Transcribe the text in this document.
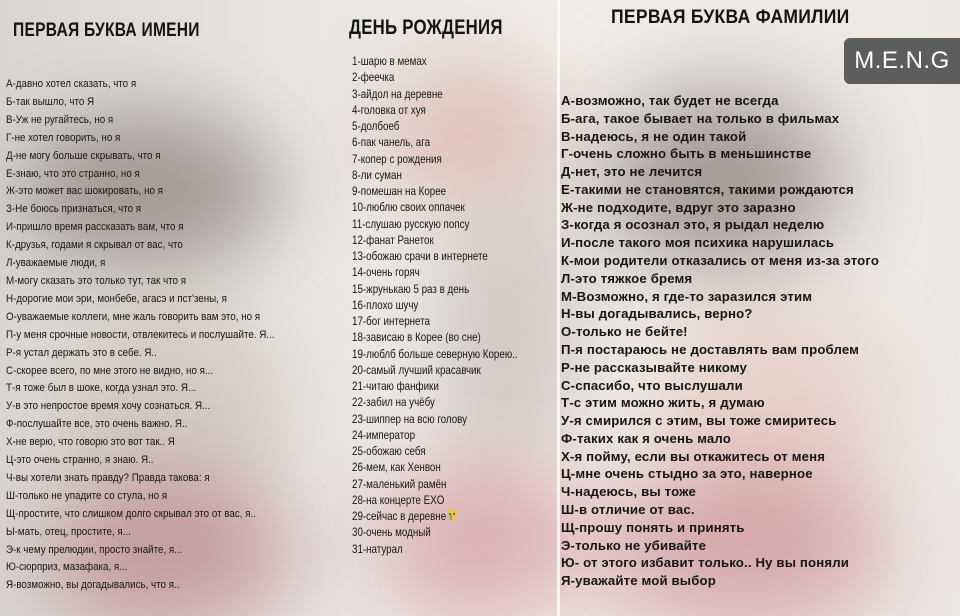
ПЕРВАЯ БУКВА ИМЕНИ
А-давно хотел сказать, что я
Б-так вышло, что Я
В-Уж не ругайтесь, но я
Г-не хотел говорить, но я
Д-не могу больше скрывать, что я
Е-знаю, что это странно, но я
Ж-это может вас шокировать, но я
З-Не боюсь признаться, что я
И-пришло время рассказать вам, что я
К-друзья, годами я скрывал от вас, что
Л-уважаемые люди, я
М-могу сказать это только тут, так что я
Н-дорогие мои эри, монбебе, агасэ и пст'зены, я
О-уважаемые коллеги, мне жаль говорить вам это, но я
П-у меня срочные новости, отвлекитесь и послушайте. Я...
Р-я устал держать это в себе. Я..
С-скорее всего, по мне этого не видно, но я...
Т-я тоже был в шоке, когда узнал это. Я...
У-в это непростое время хочу сознаться. Я...
Ф-послушайте все, это очень важно. Я..
Х-не верю, что говорю это вот так.. Я
Ц-это очень странно, я знаю. Я..
Ч-вы хотели знать правду? Правда такова: я
Ш-только не упадите со стула, но я
Щ-простите, что слишком долго скрывал это от вас, я..
Ы-мать, отец, простите, я...
Э-к чему прелюдии, просто знайте, я...
Ю-сюрприз, мазафака, я...
Я-возможно, вы догадывались, что я..
ДЕНЬ РОЖДЕНИЯ
1-шарю в мемах
2-феечка
3-айдол на деревне
4-головка от хуя
5-долбоеб
6-пак чанель, ага
7-копер с рождения
8-ли суман
9-помешан на Корее
10-люблю своих оппачек
11-слушаю русскую попсу
12-фанат Ранеток
13-обожаю срачи в интернете
14-очень горяч
15-жрунькаю 5 раз в день
16-плохо шучу
17-бог интернета
18-зависаю в Корее (во сне)
19-люблб больше северную Корею..
20-самый лучший красавчик
21-читаю фанфики
22-забил на учёбу
23-шиппер на всю голову
24-император
25-обожаю себя
26-мем, как Хенвон
27-маленький рамён
28-на концерте EXO
29-сейчас в деревне
30-очень модный
31-натурал
ПЕРВАЯ БУКВА ФАМИЛИИ
А-возможно, так будет не всегда
Б-ага, такое бывает на только в фильмах
В-надеюсь, я не один такой
Г-очень сложно быть в меньшинстве
Д-нет, это не лечится
Е-такими не становятся, такими рождаются
Ж-не подходите, вдруг это заразно
З-когда я осознал это, я рыдал неделю
И-после такого моя психика нарушилась
К-мои родители отказались от меня из-за этого
Л-это тяжкое бремя
М-Возможно, я где-то заразился этим
Н-вы догадывались, верно?
О-только не бейте!
П-я постараюсь не доставлять вам проблем
Р-не рассказывайте никому
С-спасибо, что выслушали
Т-с этим можно жить, я думаю
У-я смирился с этим, вы тоже смиритесь
Ф-таких как я очень мало
Х-я пойму, если вы откажитесь от меня
Ц-мне очень стыдно за это, наверное
Ч-надеюсь, вы тоже
Ш-в отличие от вас.
Щ-прошу понять и принять
Э-только не убивайте
Ю- от этого избавит только.. Ну вы поняли
Я-уважайте мой выбор
M.E.N.G
